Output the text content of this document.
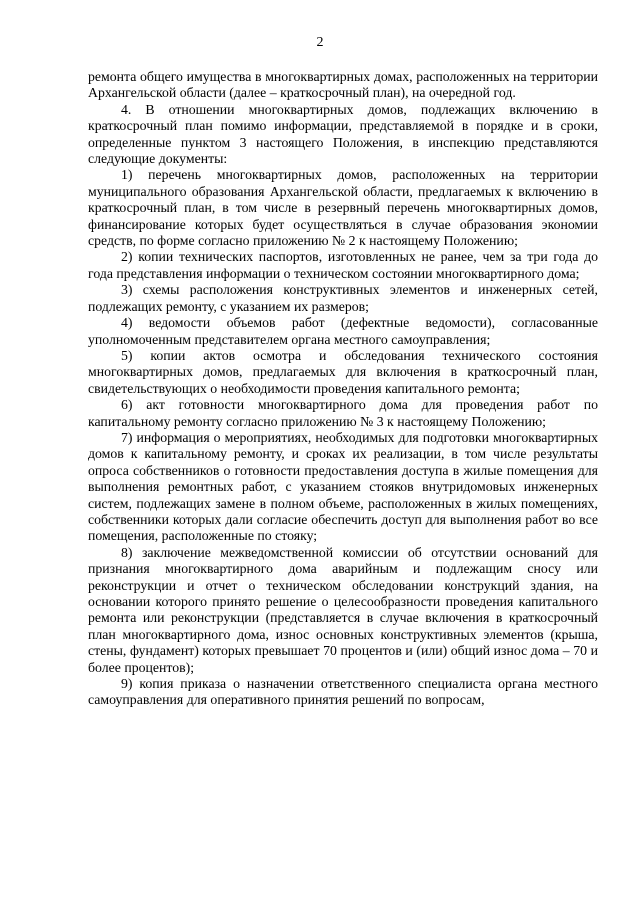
2

ремонта общего имущества в многоквартирных домах, расположенных на территории Архангельской области (далее – краткосрочный план), на очередной год.

4. В отношении многоквартирных домов, подлежащих включению в краткосрочный план помимо информации, представляемой в порядке и в сроки, определенные пунктом 3 настоящего Положения, в инспекцию представляются следующие документы:

1) перечень многоквартирных домов, расположенных на территории муниципального образования Архангельской области, предлагаемых к включению в краткосрочный план, в том числе в резервный перечень многоквартирных домов, финансирование которых будет осуществляться в случае образования экономии средств, по форме согласно приложению № 2 к настоящему Положению;

2) копии технических паспортов, изготовленных не ранее, чем за три года до года представления информации о техническом состоянии многоквартирного дома;

3) схемы расположения конструктивных элементов и инженерных сетей, подлежащих ремонту, с указанием их размеров;

4) ведомости объемов работ (дефектные ведомости), согласованные уполномоченным представителем органа местного самоуправления;

5) копии актов осмотра и обследования технического состояния многоквартирных домов, предлагаемых для включения в краткосрочный план, свидетельствующих о необходимости проведения капитального ремонта;

6) акт готовности многоквартирного дома для проведения работ по капитальному ремонту согласно приложению № 3 к настоящему Положению;

7) информация о мероприятиях, необходимых для подготовки многоквартирных домов к капитальному ремонту, и сроках их реализации, в том числе результаты опроса собственников о готовности предоставления доступа в жилые помещения для выполнения ремонтных работ, с указанием стояков внутридомовых инженерных систем, подлежащих замене в полном объеме, расположенных в жилых помещениях, собственники которых дали согласие обеспечить доступ для выполнения работ во все помещения, расположенные по стояку;

8) заключение межведомственной комиссии об отсутствии оснований для признания многоквартирного дома аварийным и подлежащим сносу или реконструкции и отчет о техническом обследовании конструкций здания, на основании которого принято решение о целесообразности проведения капитального ремонта или реконструкции (представляется в случае включения в краткосрочный план многоквартирного дома, износ основных конструктивных элементов (крыша, стены, фундамент) которых превышает 70 процентов и (или) общий износ дома – 70 и более процентов);

9) копия приказа о назначении ответственного специалиста органа местного самоуправления для оперативного принятия решений по вопросам,
